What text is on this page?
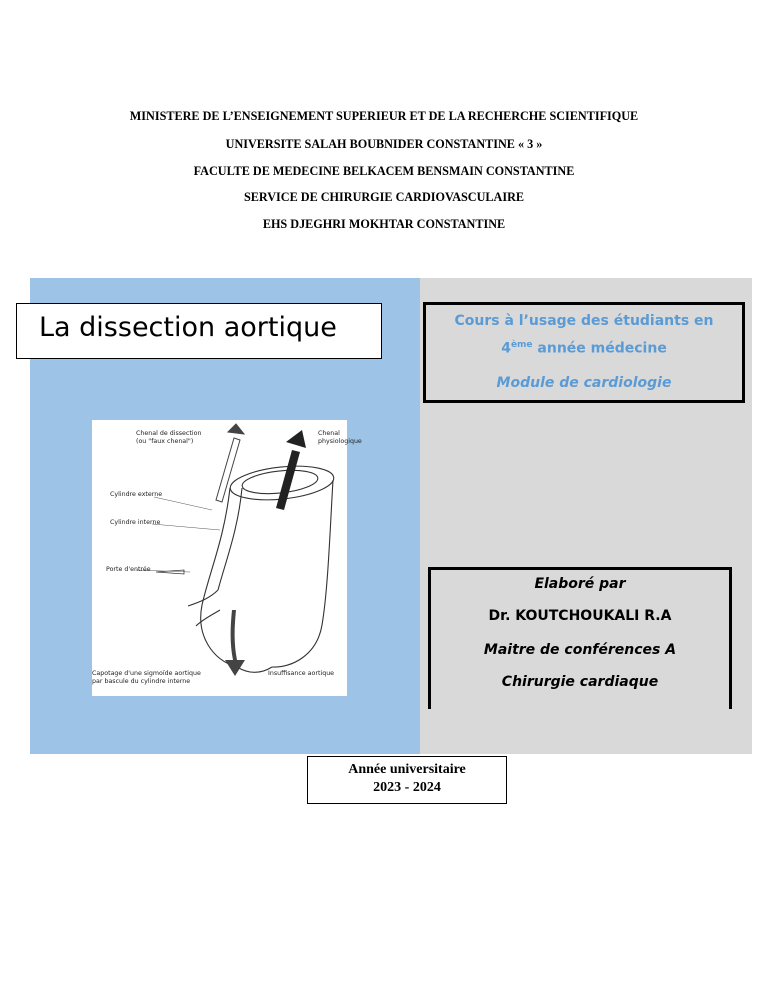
MINISTERE DE L’ENSEIGNEMENT SUPERIEUR ET DE LA RECHERCHE SCIENTIFIQUE
UNIVERSITE SALAH BOUBNIDER CONSTANTINE « 3 »
FACULTE DE MEDECINE BELKACEM BENSMAIN CONSTANTINE
SERVICE DE CHIRURGIE CARDIOVASCULAIRE
EHS DJEGHRI MOKHTAR CONSTANTINE
La dissection aortique	Cours à l’usage des étudiants en
4ème année médecine
Module de cardiologie
Chenal de dissection
(ou "faux chenal")
Chenal
physiologique
Cylindre externe
Cylindre interne
Porte d'entrée
Capotage d'une sigmoïde aortique
par bascule du cylindre interne
Insuffisance aortique
Elaboré par
Dr. KOUTCHOUKALI R.A
Maitre de conférences A
Chirurgie cardiaque
Année universitaire
2023 - 2024
